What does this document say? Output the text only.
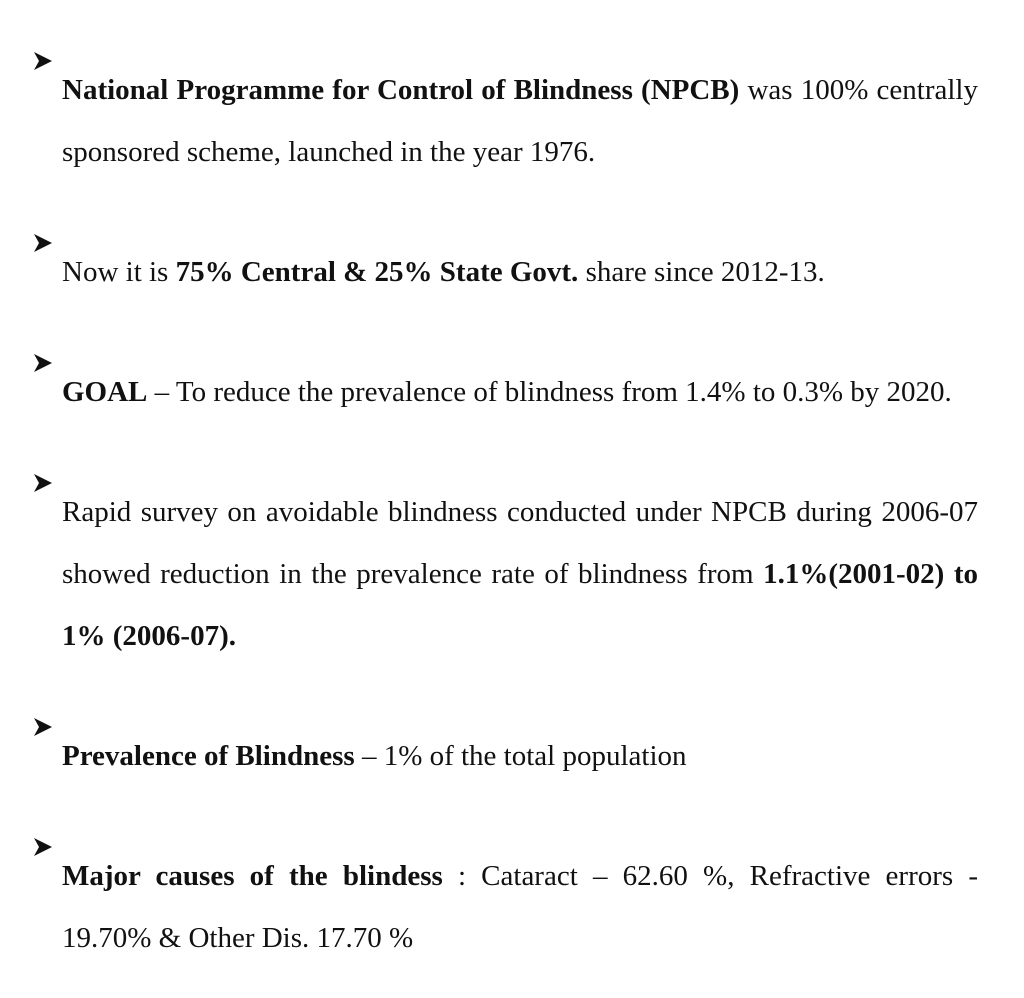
National Programme for Control of Blindness (NPCB) was 100% centrally sponsored scheme, launched in the year 1976.

Now it is 75% Central & 25% State Govt. share since 2012-13.

GOAL – To reduce the prevalence of blindness from 1.4% to 0.3% by 2020.

Rapid survey on avoidable blindness conducted under NPCB during 2006-07 showed reduction in the prevalence rate of blindness from 1.1%(2001-02) to 1% (2006-07).

Prevalence of Blindness – 1% of the total population

Major causes of the blindess : Cataract – 62.60 %, Refractive errors - 19.70% & Other Dis. 17.70 %
